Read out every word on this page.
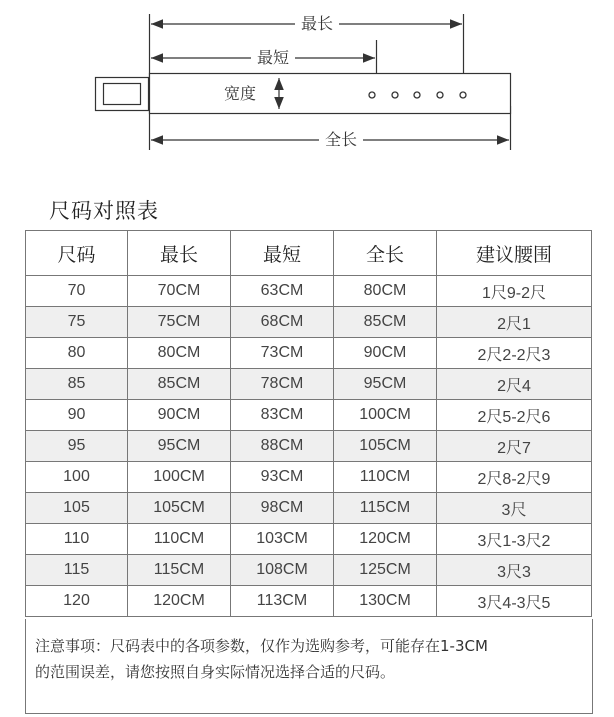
最长
最短
宽度
全长
尺码对照表
尺码	最长	最短	全长	建议腰围
70	70CM	63CM	80CM	1尺9-2尺
75	75CM	68CM	85CM	2尺1
80	80CM	73CM	90CM	2尺2-2尺3
85	85CM	78CM	95CM	2尺4
90	90CM	83CM	100CM	2尺5-2尺6
95	95CM	88CM	105CM	2尺7
100	100CM	93CM	110CM	2尺8-2尺9
105	105CM	98CM	115CM	3尺
110	110CM	103CM	120CM	3尺1-3尺2
115	115CM	108CM	125CM	3尺3
120	120CM	113CM	130CM	3尺4-3尺5
注意事项：尺码表中的各项参数，仅作为选购参考，可能存在1-3CM
的范围误差，请您按照自身实际情况选择合适的尺码。
